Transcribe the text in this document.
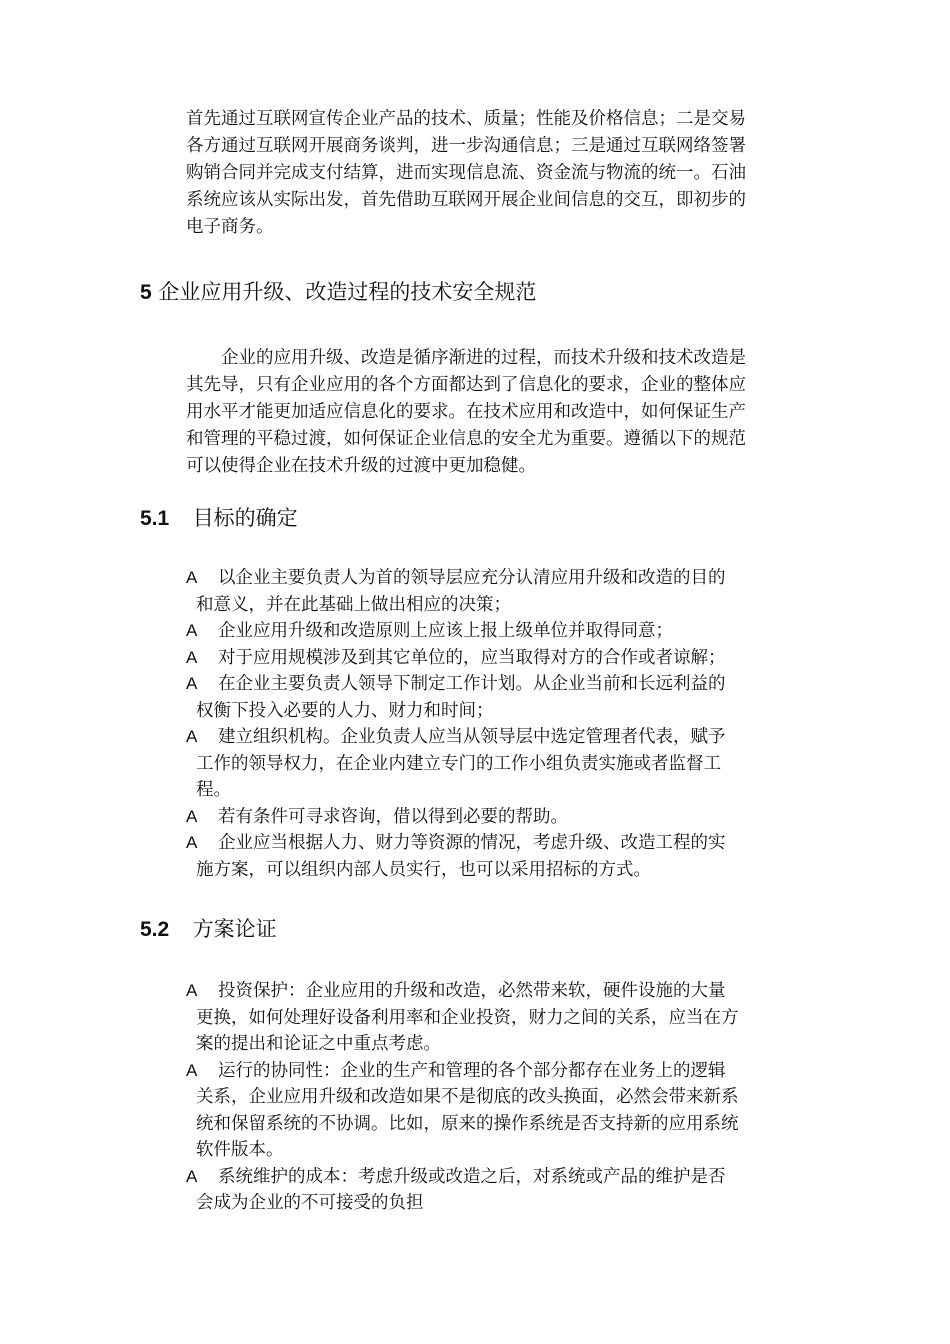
首先通过互联网宣传企业产品的技术、质量；性能及价格信息；二是交易
各方通过互联网开展商务谈判，进一步沟通信息；三是通过互联网络签署
购销合同并完成支付结算，进而实现信息流、资金流与物流的统一。石油
系统应该从实际出发，首先借助互联网开展企业间信息的交互，即初步的
电子商务。
5 企业应用升级、改造过程的技术安全规范
　　企业的应用升级、改造是循序渐进的过程，而技术升级和技术改造是
其先导，只有企业应用的各个方面都达到了信息化的要求，企业的整体应
用水平才能更加适应信息化的要求。在技术应用和改造中，如何保证生产
和管理的平稳过渡，如何保证企业信息的安全尤为重要。遵循以下的规范
可以使得企业在技术升级的过渡中更加稳健。
5.1 目标的确定
A 以企业主要负责人为首的领导层应充分认清应用升级和改造的目的
和意义，并在此基础上做出相应的决策；
A 企业应用升级和改造原则上应该上报上级单位并取得同意；
A 对于应用规模涉及到其它单位的，应当取得对方的合作或者谅解；
A 在企业主要负责人领导下制定工作计划。从企业当前和长远利益的
权衡下投入必要的人力、财力和时间；
A 建立组织机构。企业负责人应当从领导层中选定管理者代表，赋予
工作的领导权力，在企业内建立专门的工作小组负责实施或者监督工
程。
A 若有条件可寻求咨询，借以得到必要的帮助。
A 企业应当根据人力、财力等资源的情况，考虑升级、改造工程的实
施方案，可以组织内部人员实行，也可以采用招标的方式。
5.2 方案论证
A 投资保护：企业应用的升级和改造，必然带来软，硬件设施的大量
更换，如何处理好设备利用率和企业投资，财力之间的关系，应当在方
案的提出和论证之中重点考虑。
A 运行的协同性：企业的生产和管理的各个部分都存在业务上的逻辑
关系，企业应用升级和改造如果不是彻底的改头换面，必然会带来新系
统和保留系统的不协调。比如，原来的操作系统是否支持新的应用系统
软件版本。
A 系统维护的成本：考虑升级或改造之后，对系统或产品的维护是否
会成为企业的不可接受的负担
